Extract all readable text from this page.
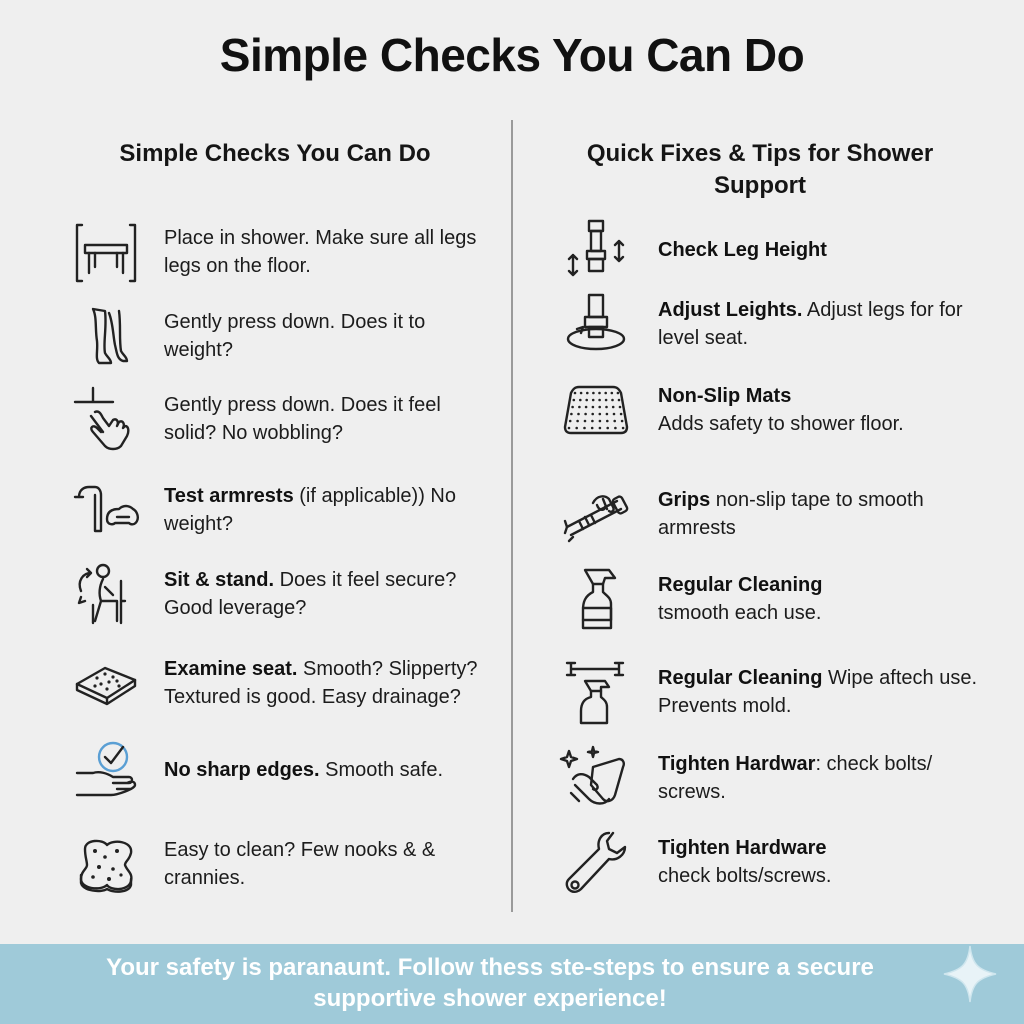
Simple Checks You Can Do
Simple Checks You Can Do	Quick Fixes & Tips for Shower Support
Place in shower. Make sure all legs legs on the floor.
Gently press down. Does it to weight?
Gently press down. Does it feel solid? No wobbling?
Test armrests (if applicable)) No weight?
Sit & stand. Does it feel secure? Good leverage?
Examine seat. Smooth? Slipperty? Textured is good. Easy drainage?
No sharp edges. Smooth safe.
Easy to clean? Few nooks & & crannies.
Check Leg Height
Adjust Leights. Adjust legs for for level seat.
Non-Slip Mats
Adds safety to shower floor.
Grips non-slip tape to smooth armrests
Regular Cleaning
tsmooth each use.
Regular Cleaning Wipe aftech use. Prevents mold.
Tighten Hardwar: check bolts/ screws.
Tighten Hardware
check bolts/screws.
Your safety is paranaunt. Follow thess ste-steps to ensure a secure supportive shower experience!
